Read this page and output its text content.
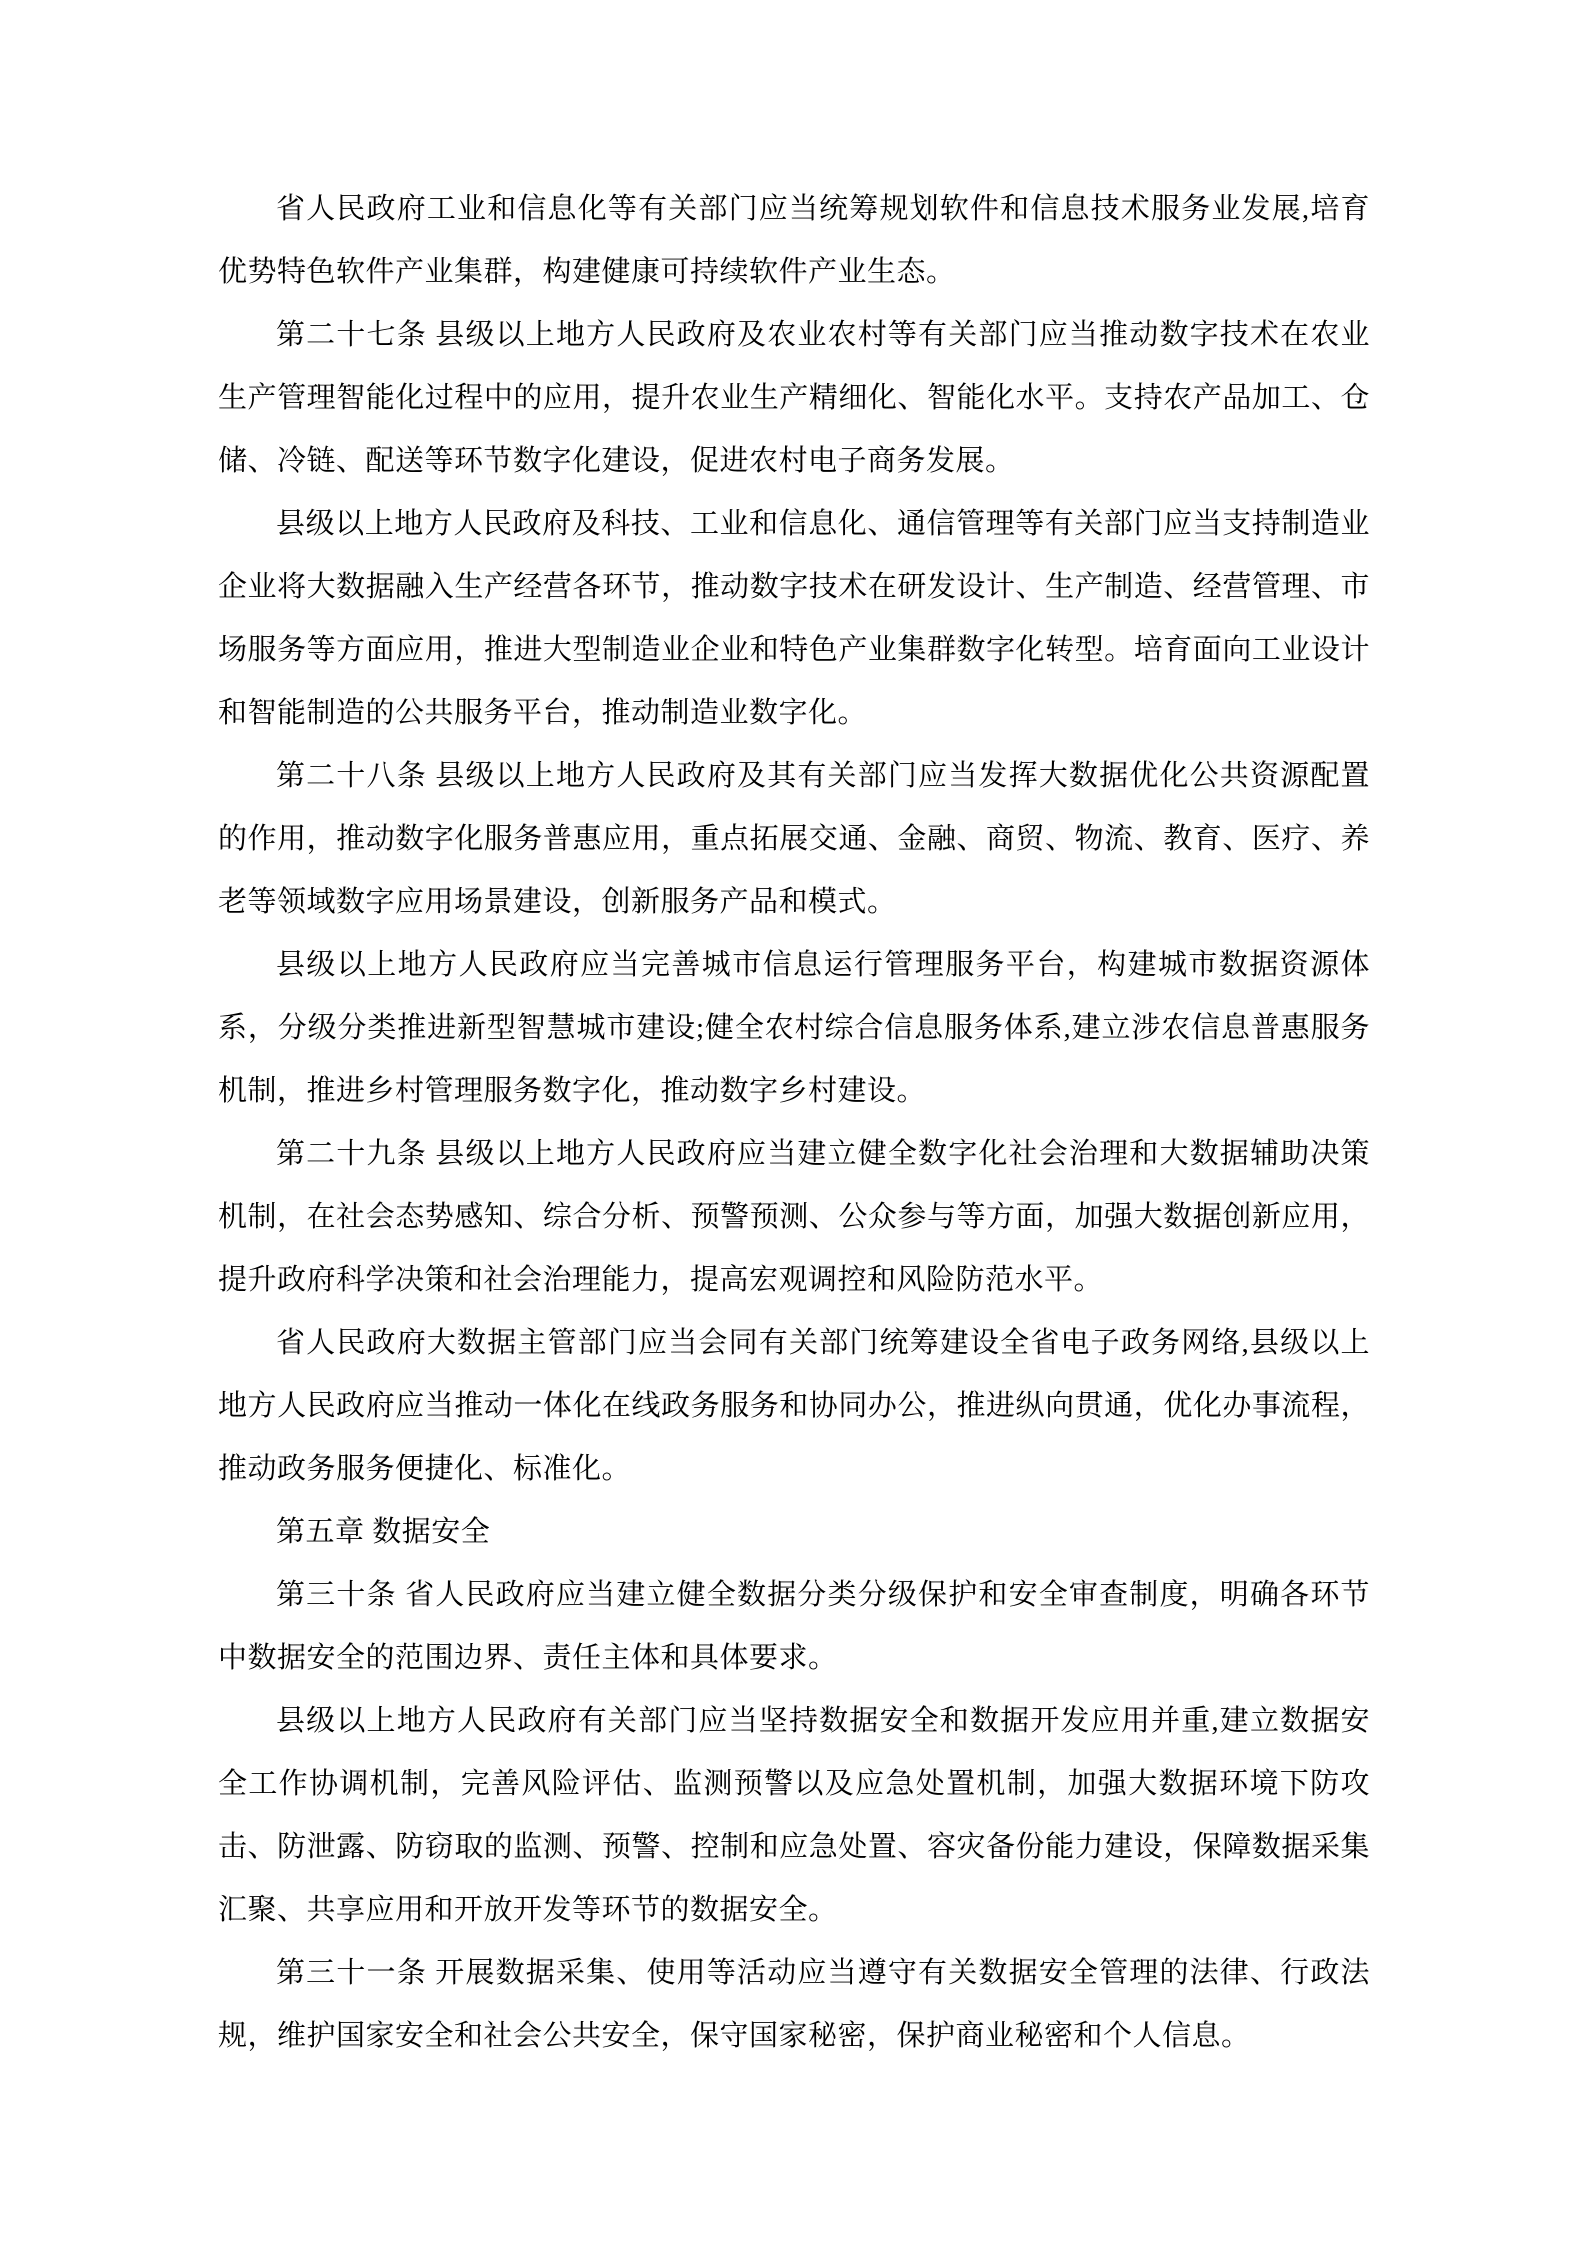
省人民政府工业和信息化等有关部门应当统筹规划软件和信息技术服务业发展,培育优势特色软件产业集群，构建健康可持续软件产业生态。

第二十七条 县级以上地方人民政府及农业农村等有关部门应当推动数字技术在农业生产管理智能化过程中的应用，提升农业生产精细化、智能化水平。支持农产品加工、仓储、冷链、配送等环节数字化建设，促进农村电子商务发展。

县级以上地方人民政府及科技、工业和信息化、通信管理等有关部门应当支持制造业企业将大数据融入生产经营各环节，推动数字技术在研发设计、生产制造、经营管理、市场服务等方面应用，推进大型制造业企业和特色产业集群数字化转型。培育面向工业设计和智能制造的公共服务平台，推动制造业数字化。

第二十八条 县级以上地方人民政府及其有关部门应当发挥大数据优化公共资源配置的作用，推动数字化服务普惠应用，重点拓展交通、金融、商贸、物流、教育、医疗、养老等领域数字应用场景建设，创新服务产品和模式。

县级以上地方人民政府应当完善城市信息运行管理服务平台，构建城市数据资源体系，分级分类推进新型智慧城市建设;健全农村综合信息服务体系,建立涉农信息普惠服务机制，推进乡村管理服务数字化，推动数字乡村建设。

第二十九条 县级以上地方人民政府应当建立健全数字化社会治理和大数据辅助决策机制，在社会态势感知、综合分析、预警预测、公众参与等方面，加强大数据创新应用，提升政府科学决策和社会治理能力，提高宏观调控和风险防范水平。

省人民政府大数据主管部门应当会同有关部门统筹建设全省电子政务网络,县级以上地方人民政府应当推动一体化在线政务服务和协同办公，推进纵向贯通，优化办事流程，推动政务服务便捷化、标准化。

第五章 数据安全

第三十条 省人民政府应当建立健全数据分类分级保护和安全审查制度，明确各环节中数据安全的范围边界、责任主体和具体要求。

县级以上地方人民政府有关部门应当坚持数据安全和数据开发应用并重,建立数据安全工作协调机制，完善风险评估、监测预警以及应急处置机制，加强大数据环境下防攻击、防泄露、防窃取的监测、预警、控制和应急处置、容灾备份能力建设，保障数据采集汇聚、共享应用和开放开发等环节的数据安全。

第三十一条 开展数据采集、使用等活动应当遵守有关数据安全管理的法律、行政法规，维护国家安全和社会公共安全，保守国家秘密，保护商业秘密和个人信息。
